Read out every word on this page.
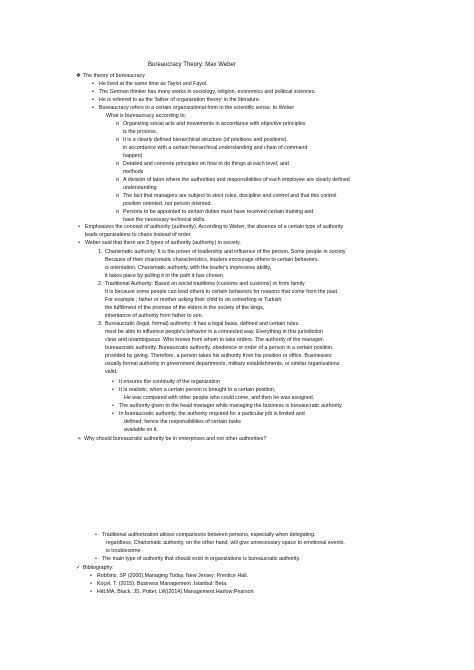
Bureaucracy Theory: Max Weber
❖ The theory of bureaucracy
• He lived at the same time as Taylor and Fayol.
• The German thinker has many works in sociology, religion, economics and political sciences.
• He is referred to as the 'father of organization theory' in the literature.
• Bureaucracy refers to a certain organizational form in the scientific sense. to Weber
What is bureaucracy according to;
o Organizing social acts and movements in accordance with objective principles
is the process.
o It is a clearly defined hierarchical structure (of positions and positions).
in accordance with a certain hierarchical understanding and chain of command
happen)
o Detailed and concrete principles on how to do things at each level, and
methods
o A division of labor where the authorities and responsibilities of each employee are clearly defined
understanding
o The fact that managers are subject to strict rules, discipline and control and that this control
position oriented, not person oriented.
o Persons to be appointed to certain duties must have received certain training and
have the necessary technical skills.
• Emphasizes the concept of authority (authority). According to Weber, the absence of a certain type of authority
leads organizations to chaos instead of order.
• Weber said that there are 3 types of authority (authority) in society.
1. Charismatic authority: It is the power of leadership and influence of the person. Some people in society
Because of their charismatic characteristics, leaders encourage others to certain behaviors.
is orientation. Charismatic authority, with the leader's impressive ability,
it takes place by pulling it to the path it has chosen.
2. Traditional Authority: Based on social traditions (customs and customs) or from family
It is because some people can lead others to certain behaviors for reasons that come from the past.
For example ; father or mother asking their child to do something or Turkish
the fulfillment of the promise of the elders in the society of the kings,
inheritance of authority from father to son.
3. Bureaucratic (legal, formal) authority: It has a legal basis, defined and certain rules.
must be able to influence people's behavior in a connected way. Everything in this jurisdiction
clear and unambiguous. Who knows from whom to take orders. The authority of the manager,
bureaucratic authority. Bureaucratic authority, obedience or order of a person in a certain position.
provided by giving. Therefore, a person takes his authority from his position or office. Businesses
usually formal authority in government departments, military establishments, or similar organizations
valid.
• It ensures the continuity of the organization
• It is realistic, when a certain person is brought to a certain position,
He was compared with other people who could come, and then he was assigned.
• The authority given to the head manager while managing the business is bureaucratic authority.
• In bureaucratic authority, the authority required for a particular job is limited and
defined; hence the responsibilities of certain tasks
available on it.
➢ Why should bureaucratic authority be in enterprises and not other authorities?
• Traditional authorization allows comparisons between persons, especially when delegating.
regardless; Charismatic authority, on the other hand, will give unnecessary space to emotional events.
is troublesome.
• The main type of authority that should exist in organizations is bureaucratic authority.
✓ Bibliography:
• Robbins, SP (2000).Managing Today. New Jersey: Prentice Hall.
• Koçel, T. (2015). Business Management .Istanbul: Beta.
• Hitt,MA, Black, JS, Potter, LW(2014).Management.Harlow:Pearson
